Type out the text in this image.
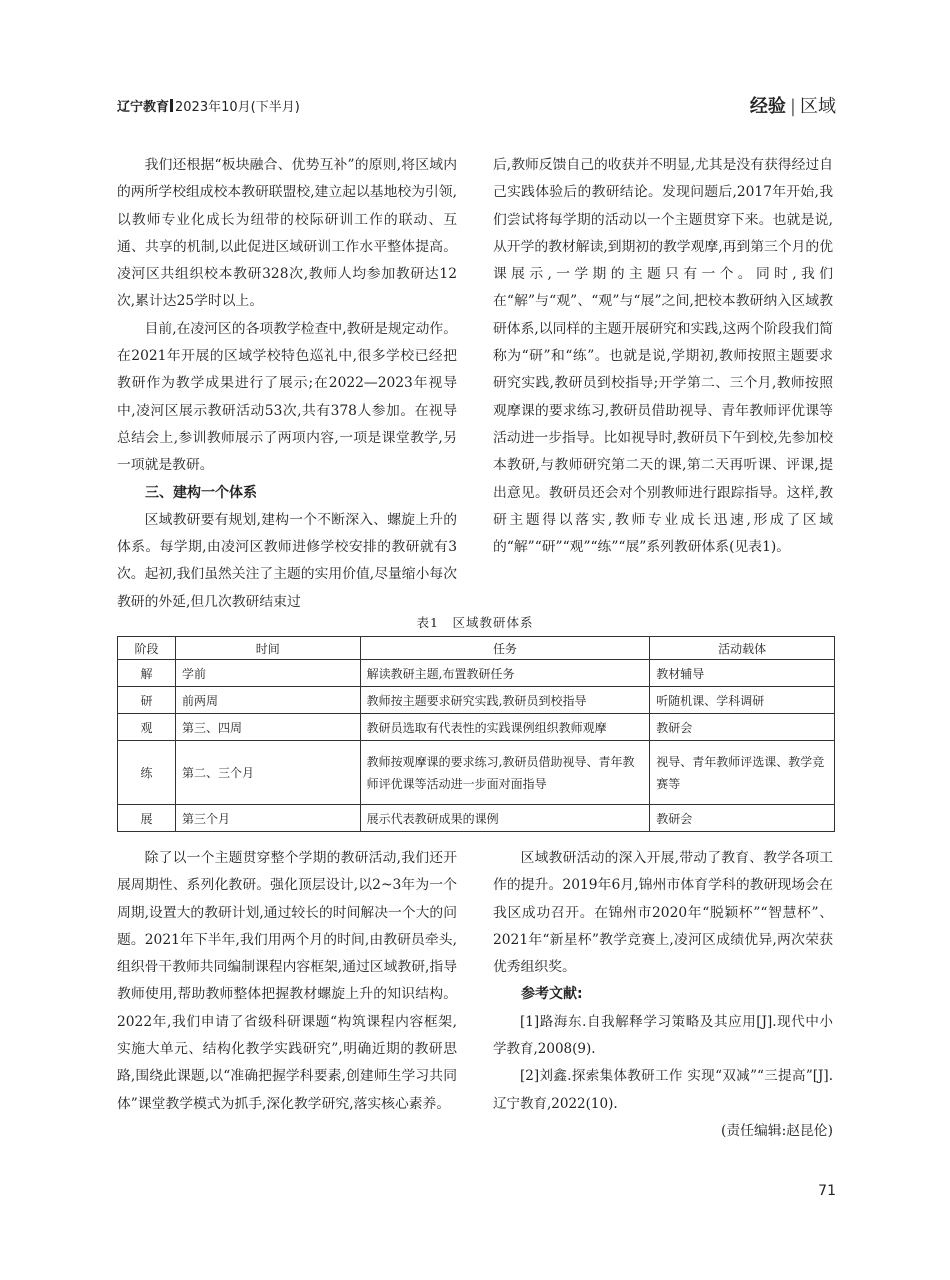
辽宁教育 2023年10月(下半月)	经验 | 区域

我们还根据“板块融合、优势互补”的原则,将区域内的两所学校组成校本教研联盟校,建立起以基地校为引领,以教师专业化成长为纽带的校际研训工作的联动、互通、共享的机制,以此促进区域研训工作水平整体提高。凌河区共组织校本教研328次,教师人均参加教研达12次,累计达25学时以上。

目前,在凌河区的各项教学检查中,教研是规定动作。在2021年开展的区域学校特色巡礼中,很多学校已经把教研作为教学成果进行了展示;在2022—2023年视导中,凌河区展示教研活动53次,共有378人参加。在视导总结会上,参训教师展示了两项内容,一项是课堂教学,另一项就是教研。

三、建构一个体系

区域教研要有规划,建构一个不断深入、螺旋上升的体系。每学期,由凌河区教师进修学校安排的教研就有3次。起初,我们虽然关注了主题的实用价值,尽量缩小每次教研的外延,但几次教研结束过

后,教师反馈自己的收获并不明显,尤其是没有获得经过自己实践体验后的教研结论。发现问题后,2017年开始,我们尝试将每学期的活动以一个主题贯穿下来。也就是说,从开学的教材解读,到期初的教学观摩,再到第三个月的优课展示,一学期的主题只有一个。同时,我们在“解”与“观”、“观”与“展”之间,把校本教研纳入区域教研体系,以同样的主题开展研究和实践,这两个阶段我们简称为“研”和“练”。也就是说,学期初,教师按照主题要求研究实践,教研员到校指导;开学第二、三个月,教师按照观摩课的要求练习,教研员借助视导、青年教师评优课等活动进一步指导。比如视导时,教研员下午到校,先参加校本教研,与教师研究第二天的课,第二天再听课、评课,提出意见。教研员还会对个别教师进行跟踪指导。这样,教研主题得以落实,教师专业成长迅速,形成了区域的“解”“研”“观”“练”“展”系列教研体系(见表1)。

表1　区域教研体系
阶段	时间	任务	活动载体
解	学前	解读教研主题,布置教研任务	教材辅导
研	前两周	教师按主题要求研究实践,教研员到校指导	听随机课、学科调研
观	第三、四周	教研员选取有代表性的实践课例组织教师观摩	教研会
练	第二、三个月	教师按观摩课的要求练习,教研员借助视导、青年教师评优课等活动进一步面对面指导	视导、青年教师评选课、教学竞赛等

展	第三个月	展示代表教研成果的课例	教研会

除了以一个主题贯穿整个学期的教研活动,我们还开展周期性、系列化教研。强化顶层设计,以2~3年为一个周期,设置大的教研计划,通过较长的时间解决一个大的问题。2021年下半年,我们用两个月的时间,由教研员牵头,组织骨干教师共同编制课程内容框架,通过区域教研,指导教师使用,帮助教师整体把握教材螺旋上升的知识结构。2022年,我们申请了省级科研课题“构筑课程内容框架,实施大单元、结构化教学实践研究”,明确近期的教研思路,围绕此课题,以“准确把握学科要素,创建师生学习共同体”课堂教学模式为抓手,深化教学研究,落实核心素养。

区域教研活动的深入开展,带动了教育、教学各项工作的提升。2019年6月,锦州市体育学科的教研现场会在我区成功召开。在锦州市2020年“脱颖杯”“智慧杯”、2021年“新星杯”教学竞赛上,凌河区成绩优异,两次荣获优秀组织奖。

参考文献:

[1]路海东.自我解释学习策略及其应用[J].现代中小学教育,2008(9).

[2]刘鑫.探索集体教研工作 实现“双减”“三提高”[J].辽宁教育,2022(10).

(责任编辑:赵昆伦)

71
